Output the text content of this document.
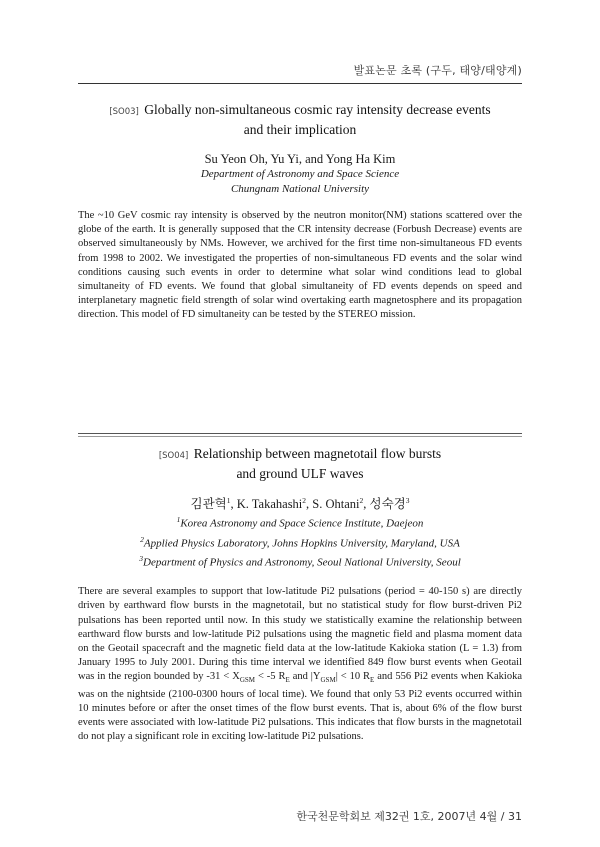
발표논문 초록 (구두, 태양/태양계)
[SO03] Globally non-simultaneous cosmic ray intensity decrease events
and their implication
Su Yeon Oh, Yu Yi, and Yong Ha Kim
Department of Astronomy and Space Science
Chungnam National University
The ~10 GeV cosmic ray intensity is observed by the neutron monitor(NM) stations scattered over the globe of the earth. It is generally supposed that the CR intensity decrease (Forbush Decrease) events are observed simultaneously by NMs. However, we archived for the first time non-simultaneous FD events from 1998 to 2002. We investigated the properties of non-simultaneous FD events and the solar wind conditions causing such events in order to determine what solar wind conditions lead to global simultaneity of FD events. We found that global simultaneity of FD events depends on speed and interplanetary magnetic field strength of solar wind overtaking earth magnetosphere and its propagation direction. This model of FD simultaneity can be tested by the STEREO mission.
[SO04] Relationship between magnetotail flow bursts
and ground ULF waves
김관혁$^1$, K. Takahashi$^2$, S. Ohtani$^2$, 성숙경$^3$
$^1$Korea Astronomy and Space Science Institute, Daejeon
$^2$Applied Physics Laboratory, Johns Hopkins University, Maryland, USA
$^3$Department of Physics and Astronomy, Seoul National University, Seoul
There are several examples to support that low-latitude Pi2 pulsations (period = 40-150 s) are directly driven by earthward flow bursts in the magnetotail, but no statistical study for flow burst-driven Pi2 pulsations has been reported until now. In this study we statistically examine the relationship between earthward flow bursts and low-latitude Pi2 pulsations using the magnetic field and plasma moment data on the Geotail spacecraft and the magnetic field data at the low-latitude Kakioka station (L = 1.3) from January 1995 to July 2001. During this time interval we identified 849 flow burst events when Geotail was in the region bounded by $-31 < X_{GSM} < -5$ $R_E$ and $|Y_{GSM}| < 10$ $R_E$ and 556 Pi2 events when Kakioka was on the nightside (2100-0300 hours of local time). We found that only 53 Pi2 events occurred within 10 minutes before or after the onset times of the flow burst events. That is, about 6% of the flow burst events were associated with low-latitude Pi2 pulsations. This indicates that flow bursts in the magnetotail do not play a significant role in exciting low-latitude Pi2 pulsations.
한국천문학회보 제32권 1호, 2007년 4월 / 31
